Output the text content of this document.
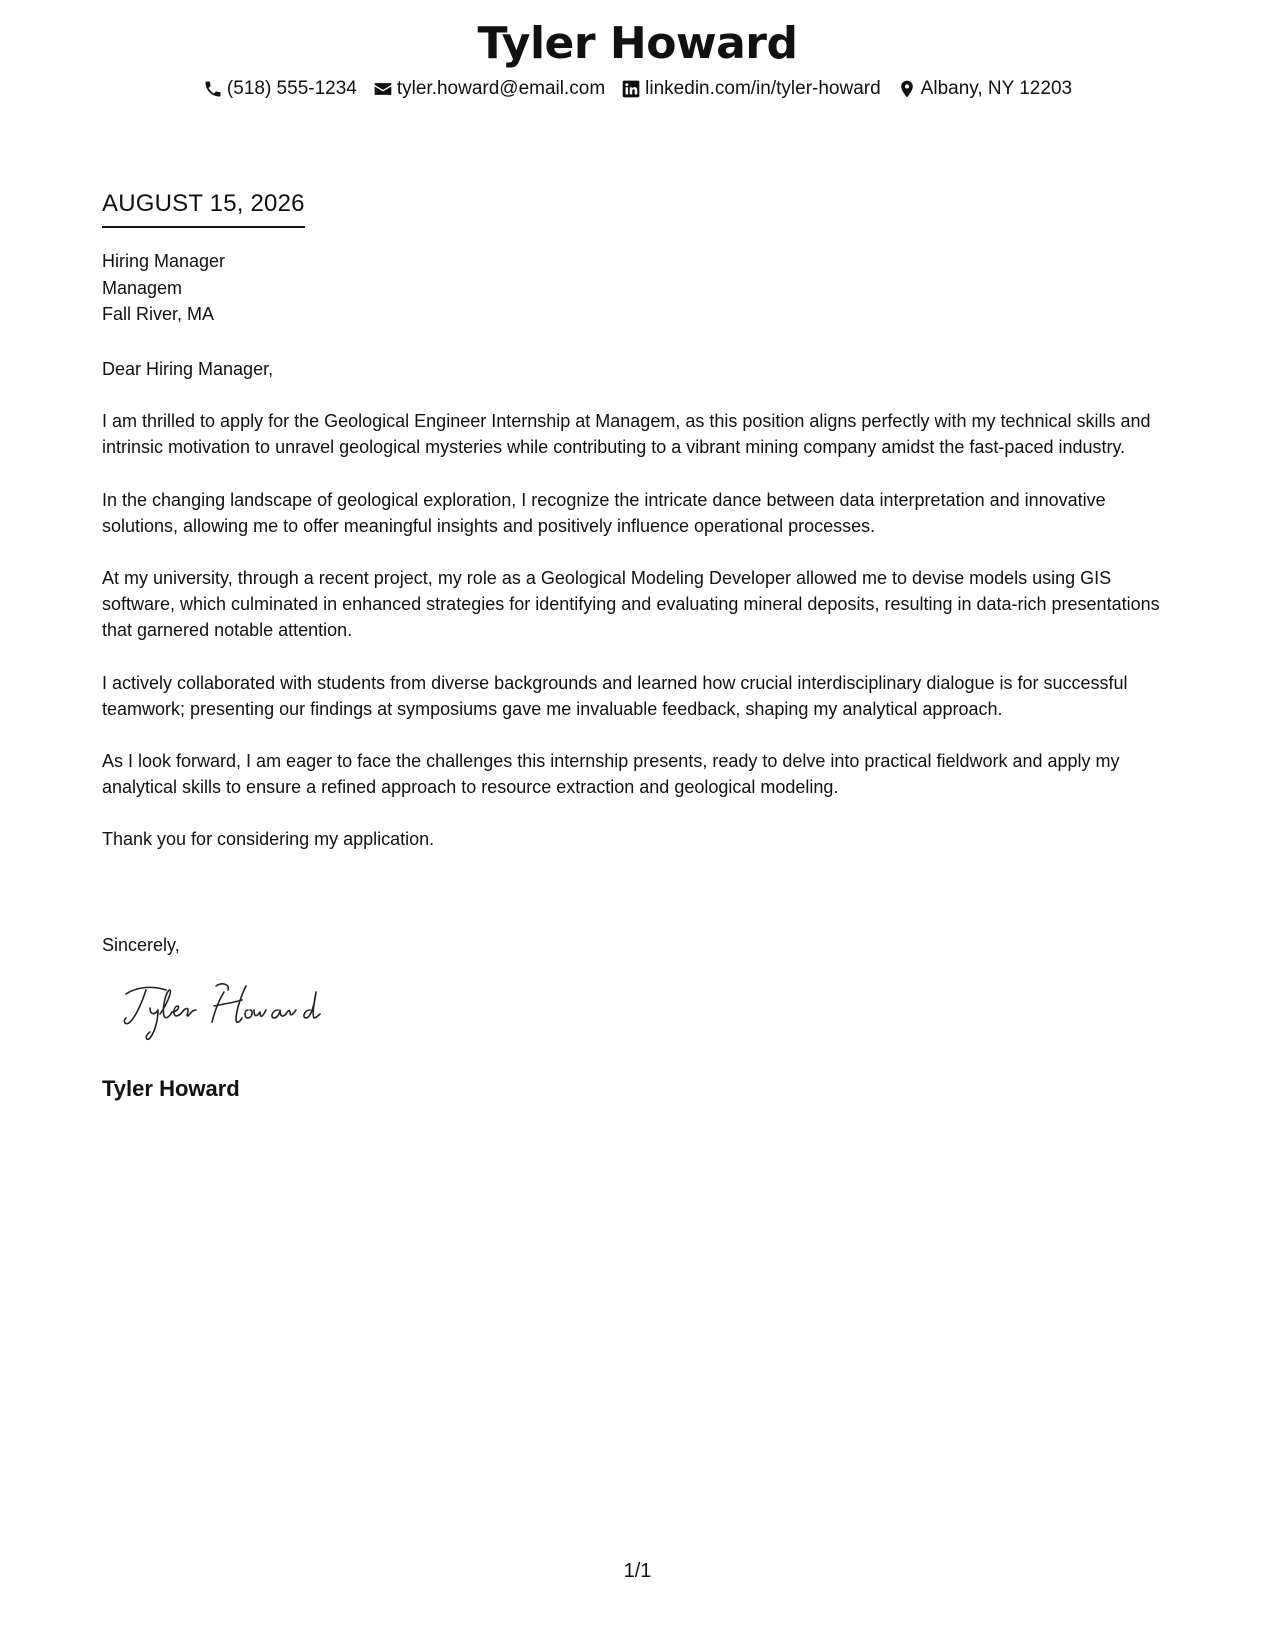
Tyler Howard
(518) 555-1234 tyler.howard@email.com linkedin.com/in/tyler-howard Albany, NY 12203
AUGUST 15, 2026
Hiring Manager
Managem
Fall River, MA

Dear Hiring Manager,

I am thrilled to apply for the Geological Engineer Internship at Managem, as this position aligns perfectly with my technical skills and intrinsic motivation to unravel geological mysteries while contributing to a vibrant mining company amidst the fast-paced industry.

In the changing landscape of geological exploration, I recognize the intricate dance between data interpretation and innovative solutions, allowing me to offer meaningful insights and positively influence operational processes.

At my university, through a recent project, my role as a Geological Modeling Developer allowed me to devise models using GIS software, which culminated in enhanced strategies for identifying and evaluating mineral deposits, resulting in data-rich presentations that garnered notable attention.

I actively collaborated with students from diverse backgrounds and learned how crucial interdisciplinary dialogue is for successful teamwork; presenting our findings at symposiums gave me invaluable feedback, shaping my analytical approach.

As I look forward, I am eager to face the challenges this internship presents, ready to delve into practical fieldwork and apply my analytical skills to ensure a refined approach to resource extraction and geological modeling.

Thank you for considering my application.

Sincerely,
Tyler Howard
1/1
